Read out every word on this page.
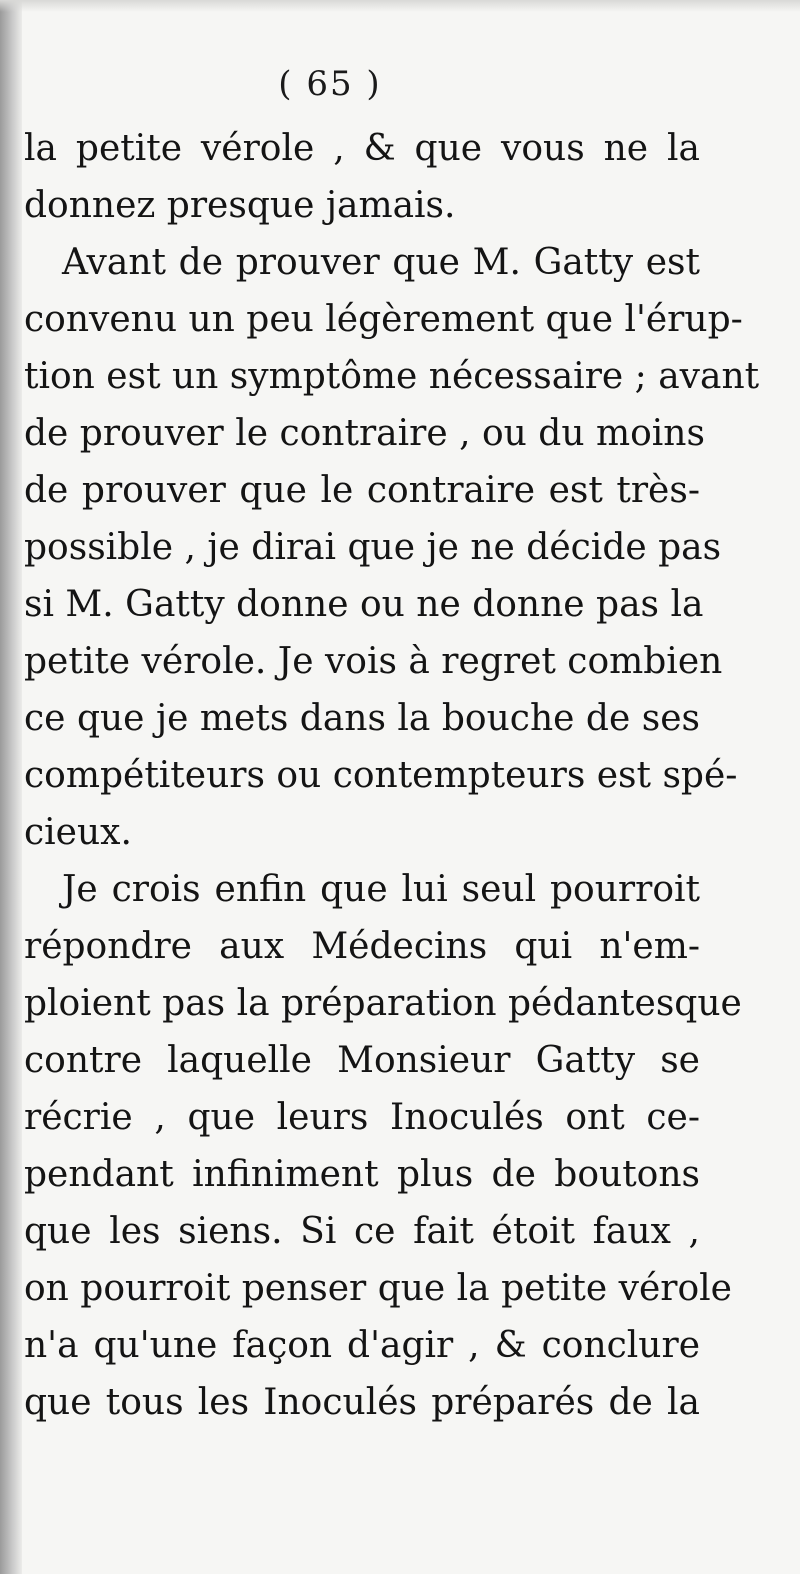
( 65 )
la petite vérole , & que vous ne la
donnez presque jamais.
Avant de prouver que M. Gatty est
convenu un peu légèrement que l'érup-
tion est un symptôme nécessaire ; avant
de prouver le contraire , ou du moins
de prouver que le contraire est très-
possible , je dirai que je ne décide pas
si M. Gatty donne ou ne donne pas la
petite vérole. Je vois à regret combien
ce que je mets dans la bouche de ses
compétiteurs ou contempteurs est spé-
cieux.
Je crois enfin que lui seul pourroit
répondre aux Médecins qui n'em-
ploient pas la préparation pédantesque
contre laquelle Monsieur Gatty se
récrie , que leurs Inoculés ont ce-
pendant infiniment plus de boutons
que les siens. Si ce fait étoit faux ,
on pourroit penser que la petite vérole
n'a qu'une façon d'agir , & conclure
que tous les Inoculés préparés de la
